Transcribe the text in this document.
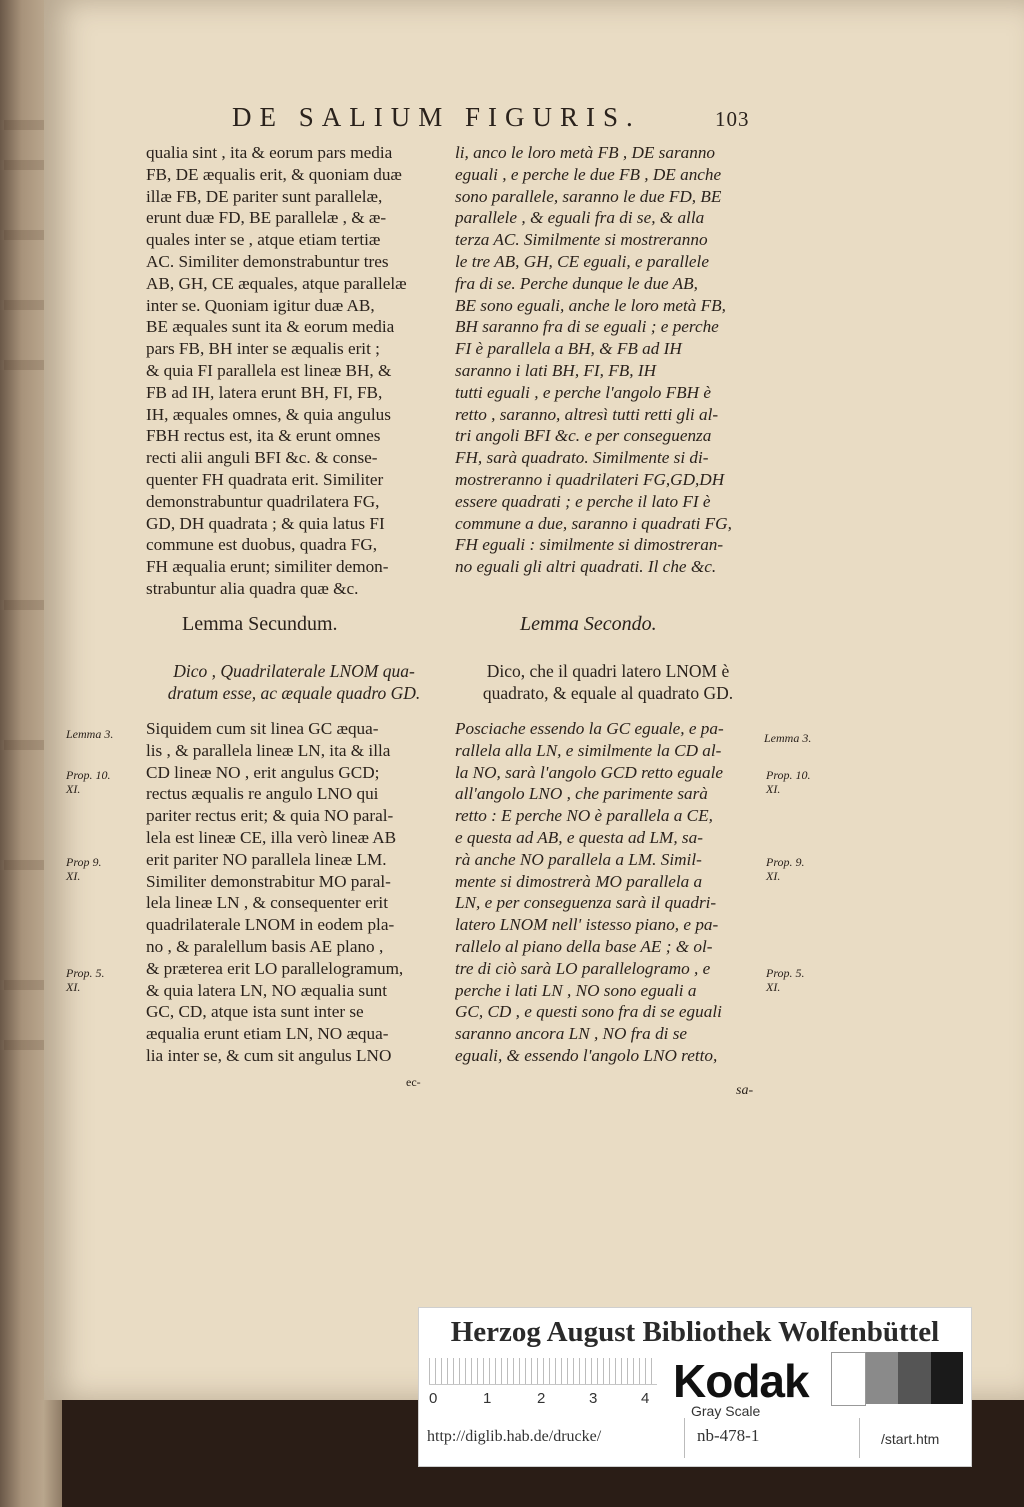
DE SALIUM FIGURIS.	103
qualia sint , ita & eorum pars media
FB, DE æqualis erit, & quoniam duæ
illæ FB, DE pariter sunt parallelæ,
erunt duæ FD, BE parallelæ , & æ-
quales inter se , atque etiam tertiæ
AC. Similiter demonstrabuntur tres
AB, GH, CE æquales, atque parallelæ
inter se. Quoniam igitur duæ AB,
BE æquales sunt ita & eorum media
pars FB, BH inter se æqualis erit ;
& quia FI parallela est lineæ BH, &
FB ad IH, latera erunt BH, FI, FB,
IH, æquales omnes, & quia angulus
FBH rectus est, ita & erunt omnes
recti alii anguli BFI &c. & conse-
quenter FH quadrata erit. Similiter
demonstrabuntur quadrilatera FG,
GD, DH quadrata ; & quia latus FI
commune est duobus, quadra FG,
FH æqualia erunt; similiter demon-
strabuntur alia quadra quæ &c.
li, anco le loro metà FB , DE saranno
eguali , e perche le due FB , DE anche
sono parallele, saranno le due FD, BE
parallele , & eguali fra di se, & alla
terza AC. Similmente si mostreranno
le tre AB, GH, CE eguali, e parallele
fra di se. Perche dunque le due AB,
BE sono eguali, anche le loro metà FB,
BH saranno fra di se eguali ; e perche
FI è parallela a BH, & FB ad IH
saranno i lati BH, FI, FB, IH
tutti eguali , e perche l'angolo FBH è
retto , saranno, altresì tutti retti gli al-
tri angoli BFI &c. e per conseguenza
FH, sarà quadrato. Similmente si di-
mostreranno i quadrilateri FG,GD,DH
essere quadrati ; e perche il lato FI è
commune a due, saranno i quadrati FG,
FH eguali : similmente si dimostreran-
no eguali gli altri quadrati. Il che &c.
Lemma Secundum.	Lemma Secondo.
Dico , Quadrilaterale LNOM qua-
dratum esse, ac æquale quadro GD.
Dico, che il quadri latero LNOM è
quadrato, & equale al quadrato GD.
Siquidem cum sit linea GC æqua-
lis , & parallela lineæ LN, ita & illa
CD lineæ NO , erit angulus GCD;
rectus æqualis re angulo LNO qui
pariter rectus erit; & quia NO paral-
lela est lineæ CE, illa verò lineæ AB
erit pariter NO parallela lineæ LM.
Similiter demonstrabitur MO paral-
lela lineæ LN , & consequenter erit
quadrilaterale LNOM in eodem pla-
no , & paralellum basis AE plano ,
& præterea erit LO parallelogramum,
& quia latera LN, NO æqualia sunt
GC, CD, atque ista sunt inter se
æqualia erunt etiam LN, NO æqua-
lia inter se, & cum sit angulus LNO
Posciache essendo la GC eguale, e pa-
rallela alla LN, e similmente la CD al-
la NO, sarà l'angolo GCD retto eguale
all'angolo LNO , che parimente sarà
retto : E perche NO è parallela a CE,
e questa ad AB, e questa ad LM, sa-
rà anche NO parallela a LM. Simil-
mente si dimostrerà MO parallela a
LN, e per conseguenza sarà il quadri-
latero LNOM nell' istesso piano, e pa-
rallelo al piano della base AE ; & ol-
tre di ciò sarà LO parallelogramo , e
perche i lati LN , NO sono eguali a
GC, CD , e questi sono fra di se eguali
saranno ancora LN , NO fra di se
eguali, & essendo l'angolo LNO retto,
ec-
sa-
Lemma 3.
Prop. 10.
XI.
Prop 9.
XI.
Prop. 5.
XI.
Lemma 3.
Prop. 10.
XI.
Prop. 9.
XI.
Prop. 5.
XI.
Herzog August Bibliothek Wolfenbüttel
0	1	2	3	4 Kodak
Gray Scale
http://diglib.hab.de/drucke/	nb-478-1	/start.htm
